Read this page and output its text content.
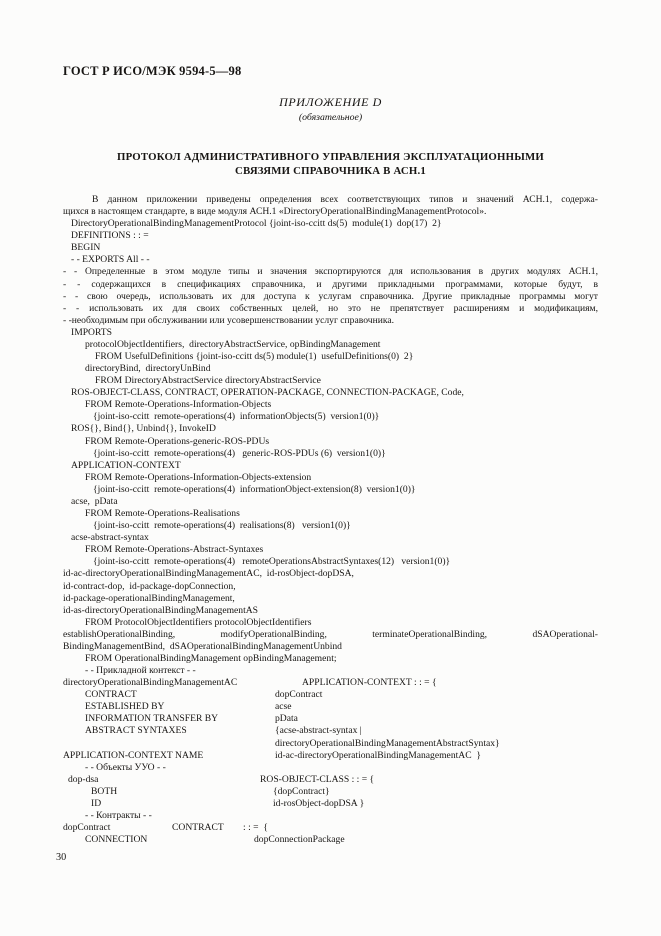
ГОСТ Р ИСО/МЭК 9594-5—98
ПРИЛОЖЕНИЕ D
(обязательное)
ПРОТОКОЛ АДМИНИСТРАТИВНОГО УПРАВЛЕНИЯ ЭКСПЛУАТАЦИОННЫМИ
СВЯЗЯМИ СПРАВОЧНИКА В АСН.1
В данном приложении приведены определения всех соответствующих типов и значений АСН.1, содержа-
щихся в настоящем стандарте, в виде модуля АСН.1 «DirectoryOperationalBindingManagementProtocol».
DirectoryOperationalBindingManagementProtocol {joint-iso-ccitt ds(5)  module(1)  dop(17)  2}
DEFINITIONS : : =
BEGIN
- - EXPORTS All - -
- - Определенные в этом модуле типы и значения экспортируются для использования в других модулях АСН.1,
- - содержащихся в спецификациях справочника, и другими прикладными программами, которые будут, в
- - свою очередь, использовать их для доступа к услугам справочника. Другие прикладные программы могут
- - использовать их для своих собственных целей, но это не препятствует расширениям и модификациям,
- -необходимым при обслуживании или усовершенствовании услуг справочника.
IMPORTS
protocolObjectIdentifiers,  directoryAbstractService, opBindingManagement
FROM UsefulDefinitions {joint-iso-ccitt ds(5) module(1)  usefulDefinitions(0)  2}
directoryBind,  directoryUnBind
FROM DirectoryAbstractService directoryAbstractService
ROS-OBJECT-CLASS, CONTRACT, OPERATION-PACKAGE, CONNECTION-PACKAGE, Code,
FROM Remote-Operations-Information-Objects
{joint-iso-ccitt  remote-operations(4)  informationObjects(5)  version1(0)}
ROS{}, Bind{}, Unbind{}, InvokeID
FROM Remote-Operations-generic-ROS-PDUs
{joint-iso-ccitt  remote-operations(4)   generic-ROS-PDUs (6)  version1(0)}
APPLICATION-CONTEXT
FROM Remote-Operations-Information-Objects-extension
{joint-iso-ccitt  remote-operations(4)  informationObject-extension(8)  version1(0)}
acse,  pData
FROM Remote-Operations-Realisations
{joint-iso-ccitt  remote-operations(4)  realisations(8)   version1(0)}
acse-abstract-syntax
FROM Remote-Operations-Abstract-Syntaxes
{joint-iso-ccitt  remote-operations(4)   remoteOperationsAbstractSyntaxes(12)   version1(0)}
id-ac-directoryOperationalBindingManagementAC,  id-rosObject-dopDSA,
id-contract-dop,  id-package-dopConnection,
id-package-operationalBindingManagement,
id-as-directoryOperationalBindingManagementAS
FROM ProtocolObjectIdentifiers protocolObjectIdentifiers
establishOperationalBinding, modifyOperationalBinding, terminateOperationalBinding, dSAOperational-
BindingManagementBind,  dSAOperationalBindingManagementUnbind
FROM OperationalBindingManagement opBindingManagement;
- - Прикладной контекст - -
directoryOperationalBindingManagementAC	APPLICATION-CONTEXT : : = {
CONTRACT	dopContract
ESTABLISHED BY	acse
INFORMATION TRANSFER BY	pData
ABSTRACT SYNTAXES	{acse-abstract-syntax |
directoryOperationalBindingManagementAbstractSyntax}
APPLICATION-CONTEXT NAME	id-ac-directoryOperationalBindingManagementAC  }
- - Объекты УУО - -
dop-dsa	ROS-OBJECT-CLASS : : = {
BOTH	{dopContract}
ID	id-rosObject-dopDSA }
- - Контракты - -
dopContract	CONTRACT : : =  {
CONNECTION	dopConnectionPackage
30
